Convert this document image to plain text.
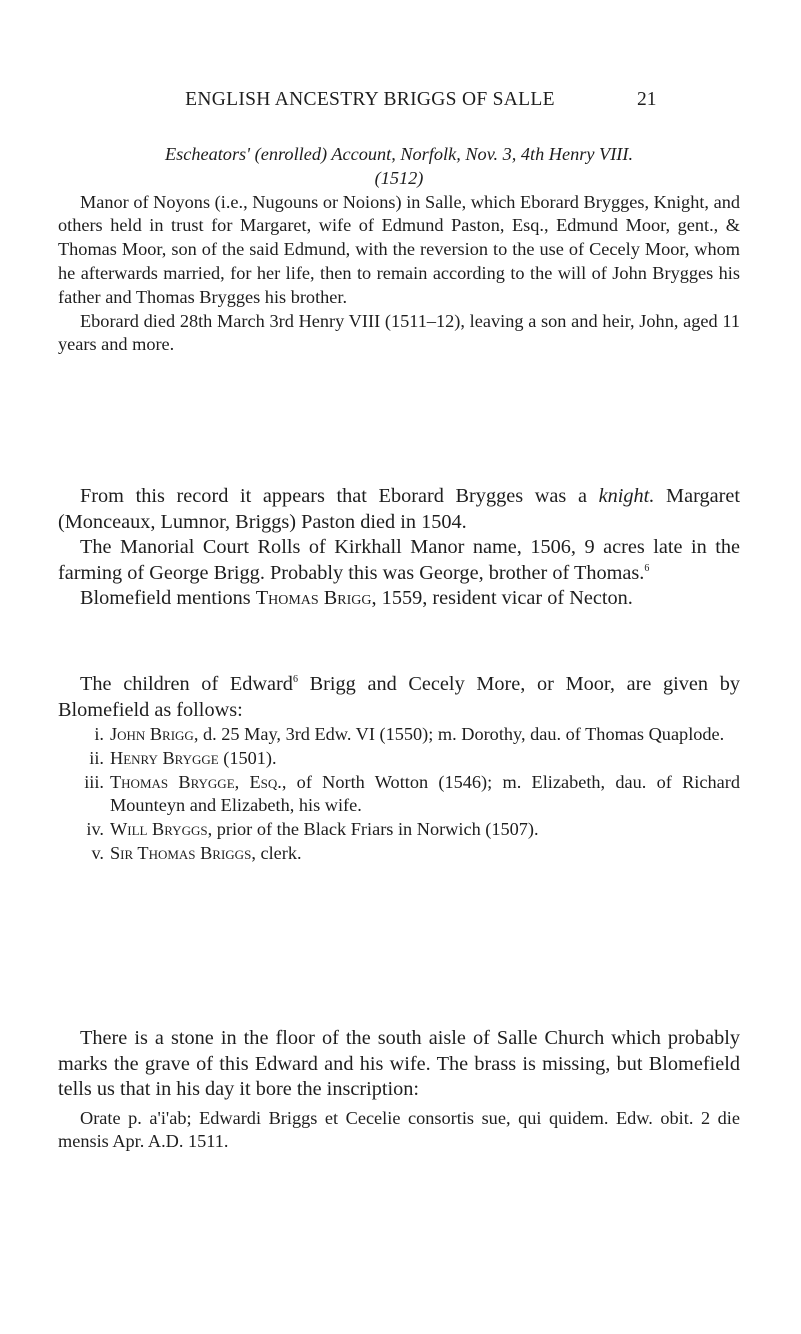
ENGLISH ANCESTRY BRIGGS OF SALLE	21

Escheators' (enrolled) Account, Norfolk, Nov. 3, 4th Henry VIII.

(1512)

Manor of Noyons (i.e., Nugouns or Noions) in Salle, which Eborard Brygges, Knight, and others held in trust for Margaret, wife of Edmund Paston, Esq., Edmund Moor, gent., & Thomas Moor, son of the said Edmund, with the reversion to the use of Cecely Moor, whom he afterwards married, for her life, then to remain according to the will of John Brygges his father and Thomas Brygges his brother.

Eborard died 28th March 3rd Henry VIII (1511–12), leaving a son and heir, John, aged 11 years and more.

From this record it appears that Eborard Brygges was a knight. Margaret (Monceaux, Lumnor, Briggs) Paston died in 1504.

The Manorial Court Rolls of Kirkhall Manor name, 1506, 9 acres late in the farming of George Brigg. Probably this was George, brother of Thomas.$^6$

Blomefield mentions Thomas Brigg, 1559, resident vicar of Necton.

The children of Edward$^6$ Brigg and Cecely More, or Moor, are given by Blomefield as follows:

i. John Brigg, d. 25 May, 3rd Edw. VI (1550); m. Dorothy, dau. of Thomas Quaplode.
ii. Henry Brygge (1501).
iii. Thomas Brygge, Esq., of North Wotton (1546); m. Elizabeth, dau. of Richard Mounteyn and Elizabeth, his wife.
iv. Will Bryggs, prior of the Black Friars in Norwich (1507).
v. Sir Thomas Briggs, clerk.

There is a stone in the floor of the south aisle of Salle Church which probably marks the grave of this Edward and his wife. The brass is missing, but Blomefield tells us that in his day it bore the inscription:

Orate p. a'i'ab; Edwardi Briggs et Cecelie consortis sue, qui quidem. Edw. obit. 2 die mensis Apr. A.D. 1511.
